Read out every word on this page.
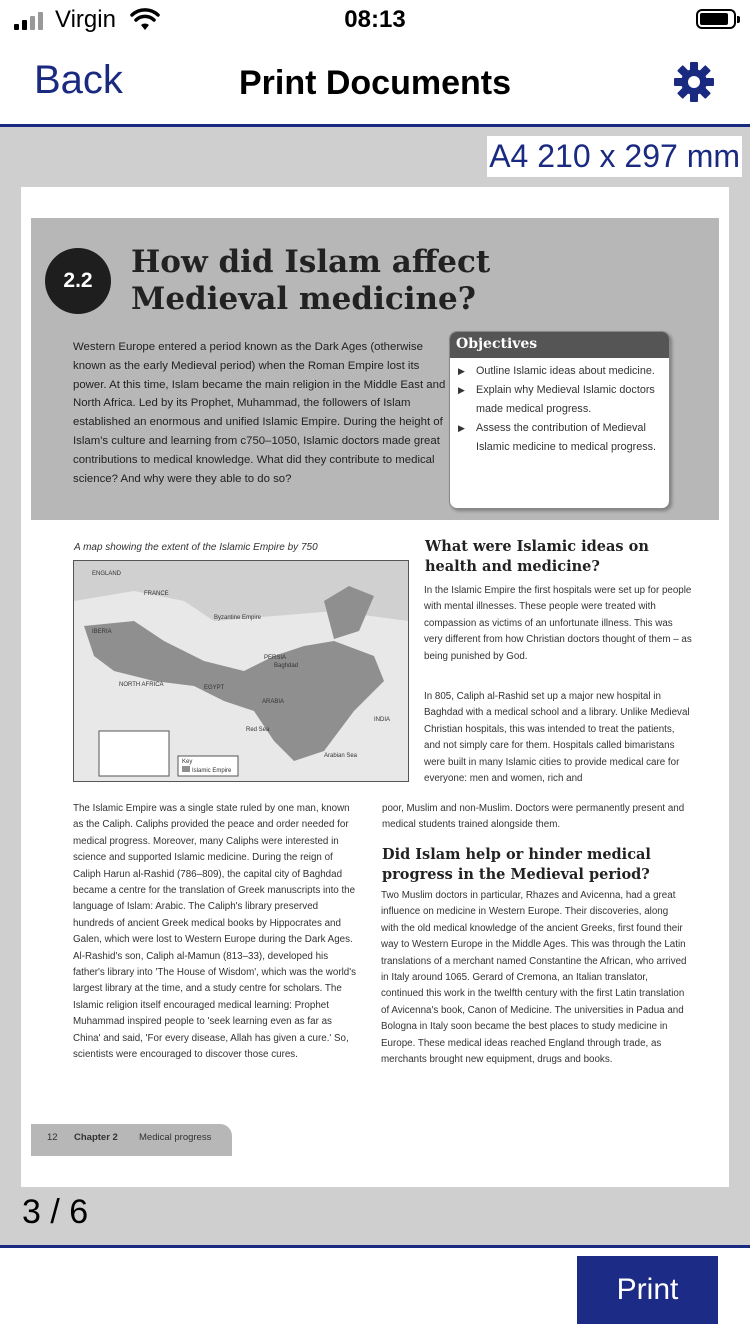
Virgin	08:13
Back	Print Documents
A4 210 x 297 mm
2.2
How did Islam affect Medieval medicine?
Western Europe entered a period known as the Dark Ages (otherwise known as the early Medieval period) when the Roman Empire lost its power. At this time, Islam became the main religion in the Middle East and North Africa. Led by its Prophet, Muhammad, the followers of Islam established an enormous and unified Islamic Empire. During the height of Islam's culture and learning from c750–1050, Islamic doctors made great contributions to medical knowledge. What did they contribute to medical science? And why were they able to do so?
Objectives
▶ Outline Islamic ideas about medicine.
▶ Explain why Medieval Islamic doctors made medical progress.
▶ Assess the contribution of Medieval Islamic medicine to medical progress.
A map showing the extent of the Islamic Empire by 750
ENGLAND
FRANCE
IBERIA
Byzantine Empire
PERSIA
Baghdad
NORTH AFRICA	EGYPT
ARABIA
INDIA
Arabian Sea
Red Sea
Key
Islamic Empire
The Islamic Empire was a single state ruled by one man, known as the Caliph. Caliphs provided the peace and order needed for medical progress. Moreover, many Caliphs were interested in science and supported Islamic medicine. During the reign of Caliph Harun al-Rashid (786–809), the capital city of Baghdad became a centre for the translation of Greek manuscripts into the language of Islam: Arabic. The Caliph's library preserved hundreds of ancient Greek medical books by Hippocrates and Galen, which were lost to Western Europe during the Dark Ages. Al-Rashid's son, Caliph al-Mamun (813–33), developed his father's library into 'The House of Wisdom', which was the world's largest library at the time, and a study centre for scholars. The Islamic religion itself encouraged medical learning: Prophet Muhammad inspired people to 'seek learning even as far as China' and said, 'For every disease, Allah has given a cure.' So, scientists were encouraged to discover those cures.
What were Islamic ideas on health and medicine?
In the Islamic Empire the first hospitals were set up for people with mental illnesses. These people were treated with compassion as victims of an unfortunate illness. This was very different from how Christian doctors thought of them – as being punished by God.
In 805, Caliph al-Rashid set up a major new hospital in Baghdad with a medical school and a library. Unlike Medieval Christian hospitals, this was intended to treat the patients, and not simply care for them. Hospitals called bimaristans were built in many Islamic cities to provide medical care for everyone: men and women, rich and
poor, Muslim and non-Muslim. Doctors were permanently present and medical students trained alongside them.
Did Islam help or hinder medical progress in the Medieval period?
Two Muslim doctors in particular, Rhazes and Avicenna, had a great influence on medicine in Western Europe. Their discoveries, along with the old medical knowledge of the ancient Greeks, first found their way to Western Europe in the Middle Ages. This was through the Latin translations of a merchant named Constantine the African, who arrived in Italy around 1065. Gerard of Cremona, an Italian translator, continued this work in the twelfth century with the first Latin translation of Avicenna's book, Canon of Medicine. The universities in Padua and Bologna in Italy soon became the best places to study medicine in Europe. These medical ideas reached England through trade, as merchants brought new equipment, drugs and books.
12 Chapter 2 Medical progress
3 / 6
Print
